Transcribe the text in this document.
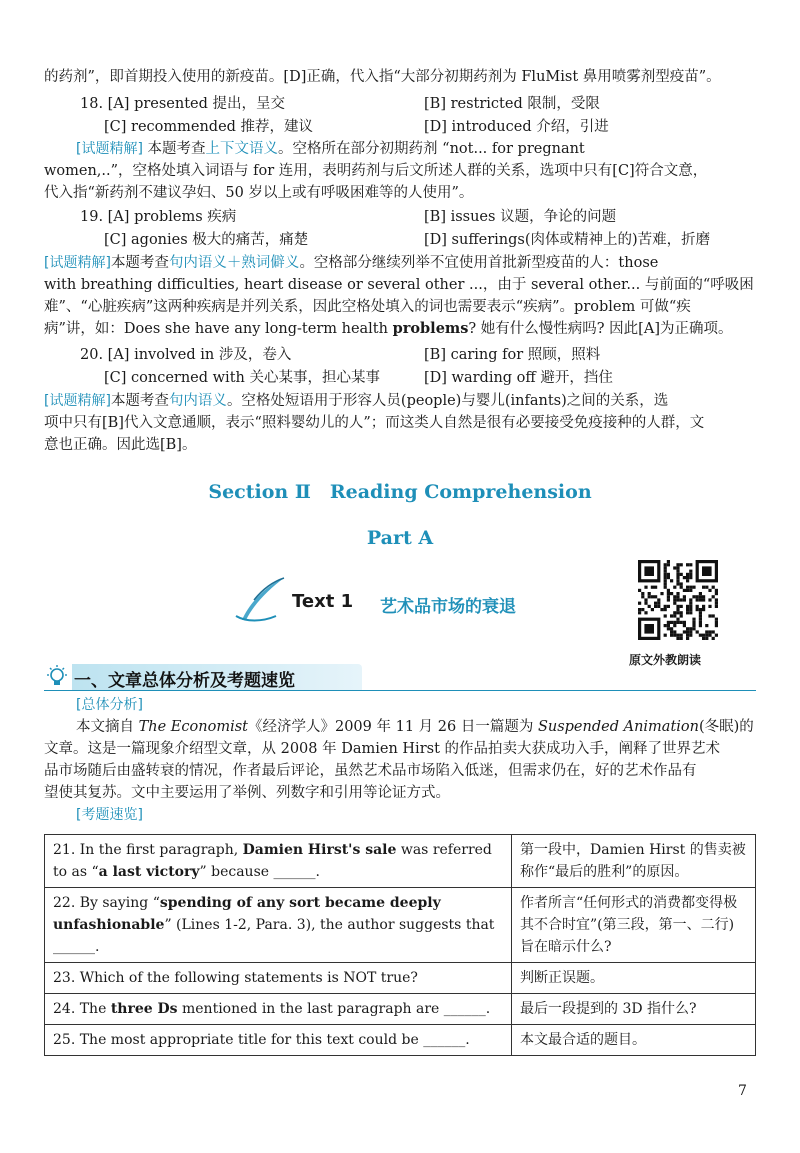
的药剂”，即首期投入使用的新疫苗。[D]正确，代入指“大部分初期药剂为 FluMist 鼻用喷雾剂型疫苗”。
18. [A] presented 提出，呈交	[B] restricted 限制，受限
[C] recommended 推荐，建议	[D] introduced 介绍，引进
[试题精解] 本题考查上下文语义。空格所在部分初期药剂 “not... for pregnant
women,..”，空格处填入词语与 for 连用，表明药剂与后文所述人群的关系，选项中只有[C]符合文意，
代入指“新药剂不建议孕妇、50 岁以上或有呼吸困难等的人使用”。
19. [A] problems 疾病	[B] issues 议题，争论的问题
[C] agonies 极大的痛苦，痛楚	[D] sufferings(肉体或精神上的)苦难，折磨
[试题精解]本题考查句内语义＋熟词僻义。空格部分继续列举不宜使用首批新型疫苗的人：those
with breathing difficulties, heart disease or several other ...，由于 several other... 与前面的“呼吸困
难”、“心脏疾病”这两种疾病是并列关系，因此空格处填入的词也需要表示“疾病”。problem 可做“疾
病”讲，如：Does she have any long-term health problems? 她有什么慢性病吗? 因此[A]为正确项。
20. [A] involved in 涉及，卷入	[B] caring for 照顾，照料
[C] concerned with 关心某事，担心某事	[D] warding off 避开，挡住
[试题精解]本题考查句内语义。空格处短语用于形容人员(people)与婴儿(infants)之间的关系，选
项中只有[B]代入文意通顺，表示“照料婴幼儿的人”；而这类人自然是很有必要接受免疫接种的人群，文
意也正确。因此选[B]。
Section Ⅱ　Reading Comprehension
Part A
Text 1 艺术品市场的衰退
原文外教朗读
一、文章总体分析及考题速览
[总体分析]
本文摘自 The Economist《经济学人》2009 年 11 月 26 日一篇题为 Suspended Animation(冬眠)的
文章。这是一篇现象介绍型文章，从 2008 年 Damien Hirst 的作品拍卖大获成功入手，阐释了世界艺术
品市场随后由盛转衰的情况，作者最后评论，虽然艺术品市场陷入低迷，但需求仍在，好的艺术作品有
望使其复苏。文中主要运用了举例、列数字和引用等论证方式。
[考题速览]
21. In the first paragraph, Damien Hirst's sale was referred to as “a last victory” because ______.	第一段中，Damien Hirst 的售卖被称作“最后的胜利”的原因。
22. By saying “spending of any sort became deeply unfashionable” (Lines 1-2, Para. 3), the author suggests that ______.	作者所言“任何形式的消费都变得极其不合时宜”(第三段，第一、二行)旨在暗示什么?
23. Which of the following statements is NOT true?	判断正误题。
24. The three Ds mentioned in the last paragraph are ______.	最后一段提到的 3D 指什么?
25. The most appropriate title for this text could be ______.	本文最合适的题目。
7
